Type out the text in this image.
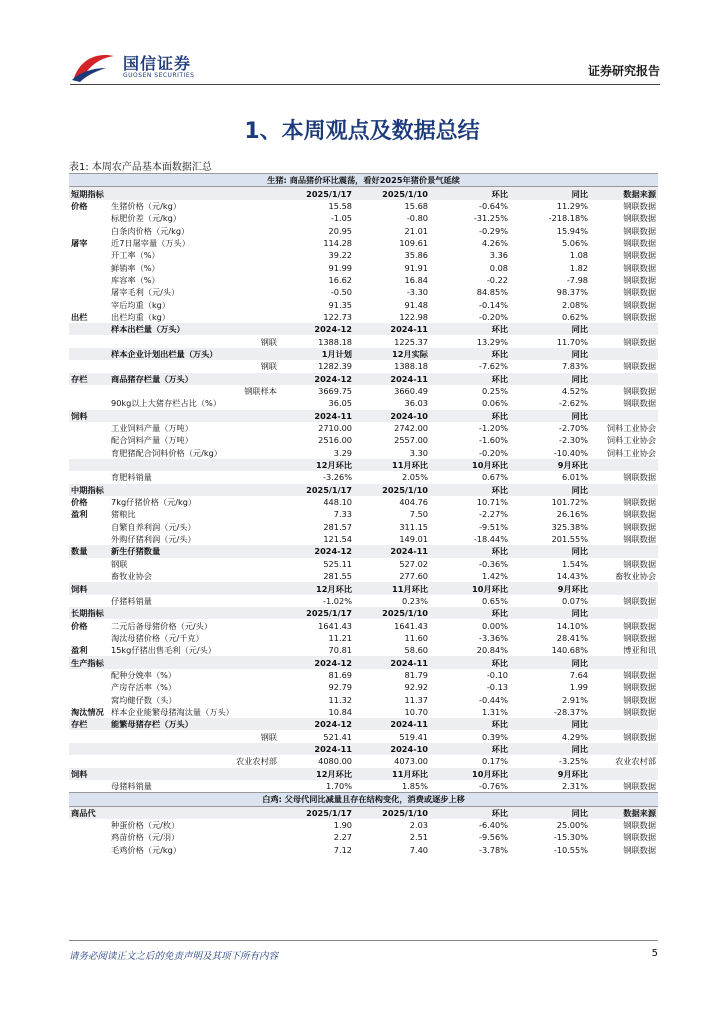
国信证券
GUOSEN SECURITIES	证券研究报告
1、本周观点及数据总结
表1: 本周农产品基本面数据汇总
生猪: 商品猪价环比震荡，看好2025年猪价景气延续						
短期指标		2025/1/17	2025/1/10	环比	同比	数据来源
价格	生猪价格（元/kg）	15.58	15.68	-0.64%	11.29%	钢联数据
	标肥价差（元/kg）	-1.05	-0.80	-31.25%	-218.18%	钢联数据
	白条肉价格（元/kg）	20.95	21.01	-0.29%	15.94%	钢联数据
屠宰	近7日屠宰量（万头）	114.28	109.61	4.26%	5.06%	钢联数据
	开工率（%）	39.22	35.86	3.36	1.08	钢联数据
	鲜销率（%）	91.99	91.91	0.08	1.82	钢联数据
	库容率（%）	16.62	16.84	-0.22	-7.98	钢联数据
	屠宰毛利（元/头）	-0.50	-3.30	84.85%	98.37%	钢联数据
	宰后均重（kg）	91.35	91.48	-0.14%	2.08%	钢联数据
出栏	出栏均重（kg）	122.73	122.98	-0.20%	0.62%	钢联数据
	样本出栏量（万头）	2024-12	2024-11	环比	同比	
	钢联	1388.18	1225.37	13.29%	11.70%	钢联数据
	样本企业计划出栏量（万头）	1月计划	12月实际	环比	同比	
	钢联	1282.39	1388.18	-7.62%	7.83%	钢联数据
存栏	商品猪存栏量（万头）	2024-12	2024-11	环比	同比	
	钢联样本	3669.75	3660.49	0.25%	4.52%	钢联数据
	90kg以上大猪存栏占比（%）	36.05	36.03	0.06%	-2.62%	钢联数据
饲料		2024-11	2024-10	环比	同比	
	工业饲料产量（万吨）	2710.00	2742.00	-1.20%	-2.70%	饲料工业协会
	配合饲料产量（万吨）	2516.00	2557.00	-1.60%	-2.30%	饲料工业协会
	育肥猪配合饲料价格（元/kg）	3.29	3.30	-0.20%	-10.40%	饲料工业协会
		12月环比	11月环比	10月环比	9月环比	
	育肥料销量	-3.26%	2.05%	0.67%	6.01%	钢联数据
中期指标		2025/1/17	2025/1/10	环比	同比	
价格	7kg仔猪价格（元/kg）	448.10	404.76	10.71%	101.72%	钢联数据
盈利	猪粮比	7.33	7.50	-2.27%	26.16%	钢联数据
	自繁自养利润（元/头）	281.57	311.15	-9.51%	325.38%	钢联数据
	外购仔猪利润（元/头）	121.54	149.01	-18.44%	201.55%	钢联数据
数量	新生仔猪数量	2024-12	2024-11	环比	同比	
	钢联	525.11	527.02	-0.36%	1.54%	钢联数据
	畜牧业协会	281.55	277.60	1.42%	14.43%	畜牧业协会
饲料		12月环比	11月环比	10月环比	9月环比	
	仔猪料销量	-1.02%	0.23%	0.65%	0.07%	钢联数据
长期指标		2025/1/17	2025/1/10	环比	同比	
价格	二元后备母猪价格（元/头）	1641.43	1641.43	0.00%	14.10%	钢联数据
	淘汰母猪价格（元/千克）	11.21	11.60	-3.36%	28.41%	钢联数据
盈利	15kg仔猪出售毛利（元/头）	70.81	58.60	20.84%	140.68%	博亚和讯
生产指标		2024-12	2024-11	环比	同比	
	配种分娩率（%）	81.69	81.79	-0.10	7.64	钢联数据
	产房存活率（%）	92.79	92.92	-0.13	1.99	钢联数据
	窝均健仔数（头）	11.32	11.37	-0.44%	2.91%	钢联数据
淘汰情况	样本企业能繁母猪淘汰量（万头）	10.84	10.70	1.31%	-28.37%	钢联数据
存栏	能繁母猪存栏（万头）	2024-12	2024-11	环比	同比	
	钢联	521.41	519.41	0.39%	4.29%	钢联数据
		2024-11	2024-10	环比	同比	
	农业农村部	4080.00	4073.00	0.17%	-3.25%	农业农村部
饲料		12月环比	11月环比	10月环比	9月环比	
	母猪料销量	1.70%	1.85%	-0.76%	2.31%	钢联数据
白鸡: 父母代同比减量且存在结构变化，消费或逐步上移						
商品代		2025/1/17	2025/1/10	环比	同比	数据来源
	种蛋价格（元/枚）	1.90	2.03	-6.40%	25.00%	钢联数据
	鸡苗价格（元/羽）	2.27	2.51	-9.56%	-15.30%	钢联数据
	毛鸡价格（元/kg）	7.12	7.40	-3.78%	-10.55%	钢联数据
请务必阅读正文之后的免责声明及其项下所有内容	5
